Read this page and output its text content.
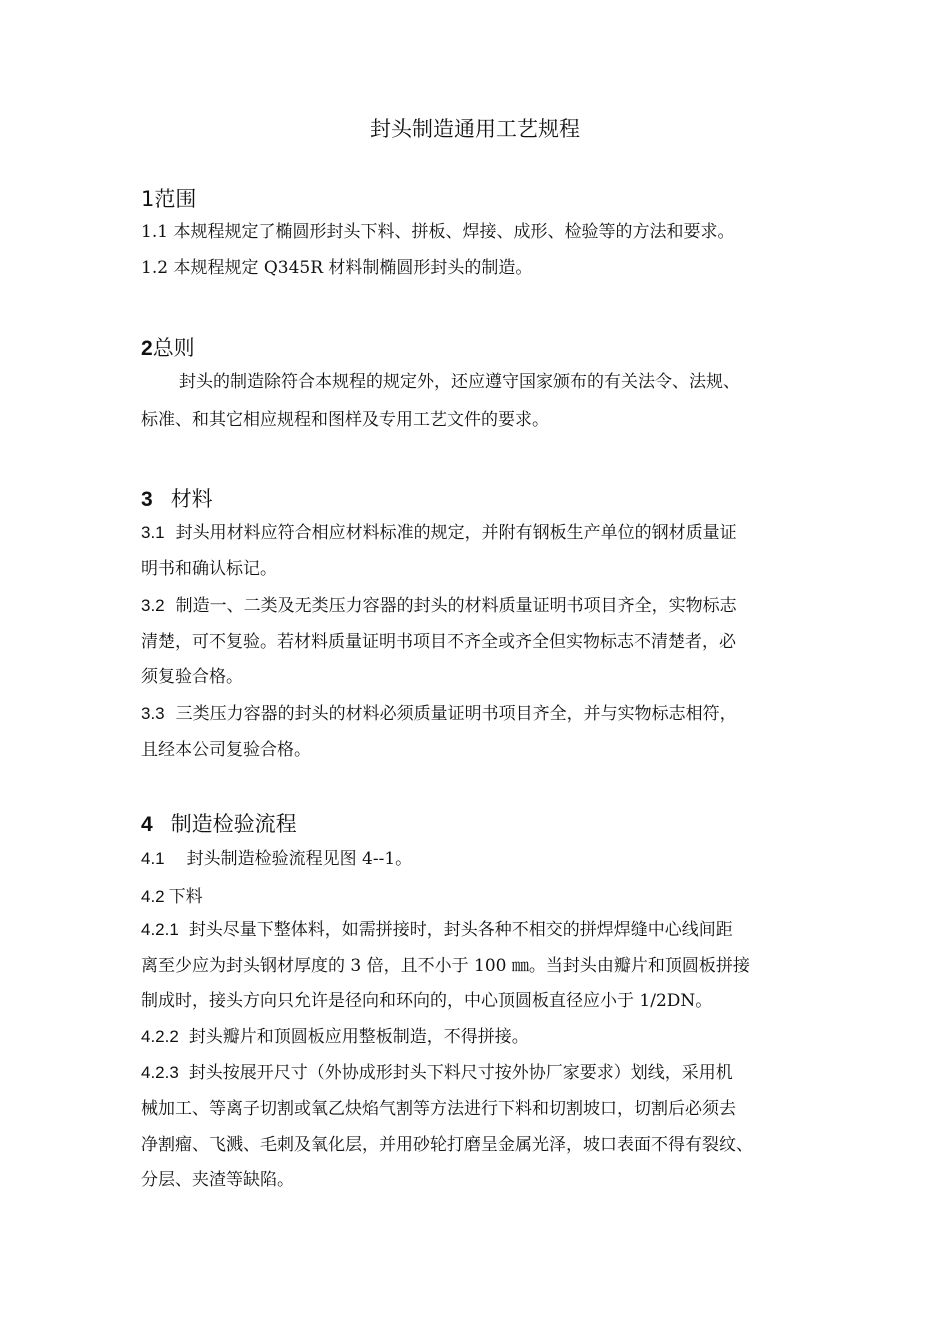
封头制造通用工艺规程
1范围
1.1 本规程规定了椭圆形封头下料、拼板、焊接、成形、检验等的方法和要求。
1.2 本规程规定 Q345R 材料制椭圆形封头的制造。
2总则
封头的制造除符合本规程的规定外，还应遵守国家颁布的有关法令、法规、
标准、和其它相应规程和图样及专用工艺文件的要求。
3 材料
3.1 封头用材料应符合相应材料标准的规定，并附有钢板生产单位的钢材质量证
明书和确认标记。
3.2 制造一、二类及无类压力容器的封头的材料质量证明书项目齐全，实物标志
清楚，可不复验。若材料质量证明书项目不齐全或齐全但实物标志不清楚者，必
须复验合格。
3.3 三类压力容器的封头的材料必须质量证明书项目齐全，并与实物标志相符，
且经本公司复验合格。
4 制造检验流程
4.1 封头制造检验流程见图 4--1。
4.2 下料
4.2.1 封头尽量下整体料，如需拼接时，封头各种不相交的拼焊焊缝中心线间距
离至少应为封头钢材厚度的 3 倍，且不小于 100 ㎜。当封头由瓣片和顶圆板拼接
制成时，接头方向只允许是径向和环向的，中心顶圆板直径应小于 1/2DN。
4.2.2 封头瓣片和顶圆板应用整板制造，不得拼接。
4.2.3 封头按展开尺寸（外协成形封头下料尺寸按外协厂家要求）划线，采用机
械加工、等离子切割或氧乙炔焰气割等方法进行下料和切割坡口，切割后必须去
净割瘤、飞溅、毛刺及氧化层，并用砂轮打磨呈金属光泽，坡口表面不得有裂纹、
分层、夹渣等缺陷。
